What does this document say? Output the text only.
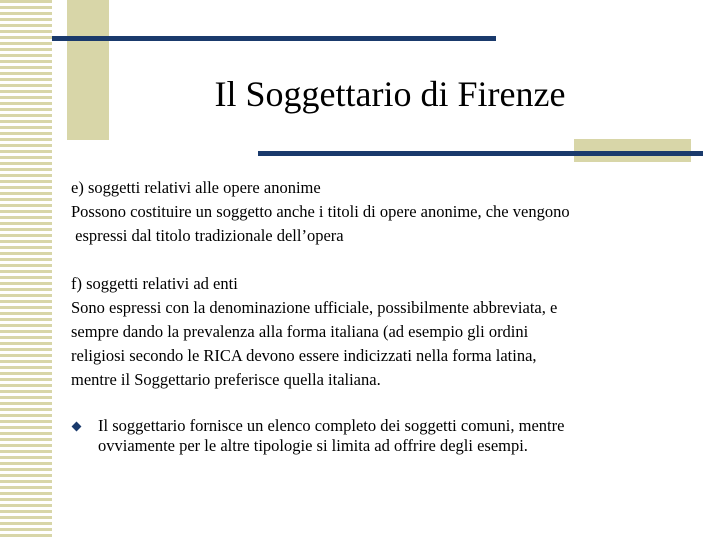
Il Soggettario di Firenze
e) soggetti relativi alle opere anonime
Possono costituire un soggetto anche i titoli di opere anonime, che vengono
espressi dal titolo tradizionale dell’opera
f) soggetti relativi ad enti
Sono espressi con la denominazione ufficiale, possibilmente abbreviata, e
sempre dando la prevalenza alla forma italiana (ad esempio gli ordini
religiosi secondo le RICA devono essere indicizzati nella forma latina,
mentre il Soggettario preferisce quella italiana.
Il soggettario fornisce un elenco completo dei soggetti comuni, mentre
ovviamente per le altre tipologie si limita ad offrire degli esempi.
